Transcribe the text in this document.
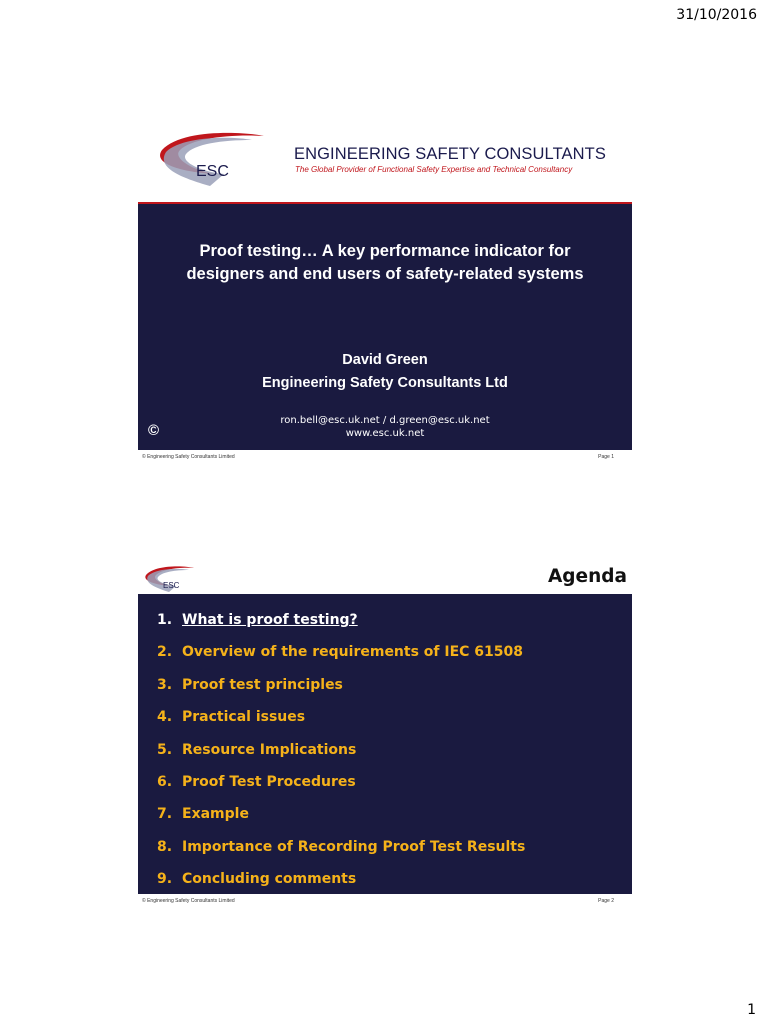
31/10/2016
ESC
ENGINEERING SAFETY CONSULTANTS
The Global Provider of Functional Safety Expertise and Technical Consultancy
Proof testing… A key performance indicator for
designers and end users of safety-related systems
David Green
Engineering Safety Consultants Ltd
ron.bell@esc.uk.net / d.green@esc.uk.net
www.esc.uk.net
©
© Engineering Safety Consultants Limited	Page 1
ESC	Agenda
1. What is proof testing?
2. Overview of the requirements of IEC 61508
3. Proof test principles
4. Practical issues
5. Resource Implications
6. Proof Test Procedures
7. Example
8. Importance of Recording Proof Test Results
9. Concluding comments
© Engineering Safety Consultants Limited	Page 2
1
